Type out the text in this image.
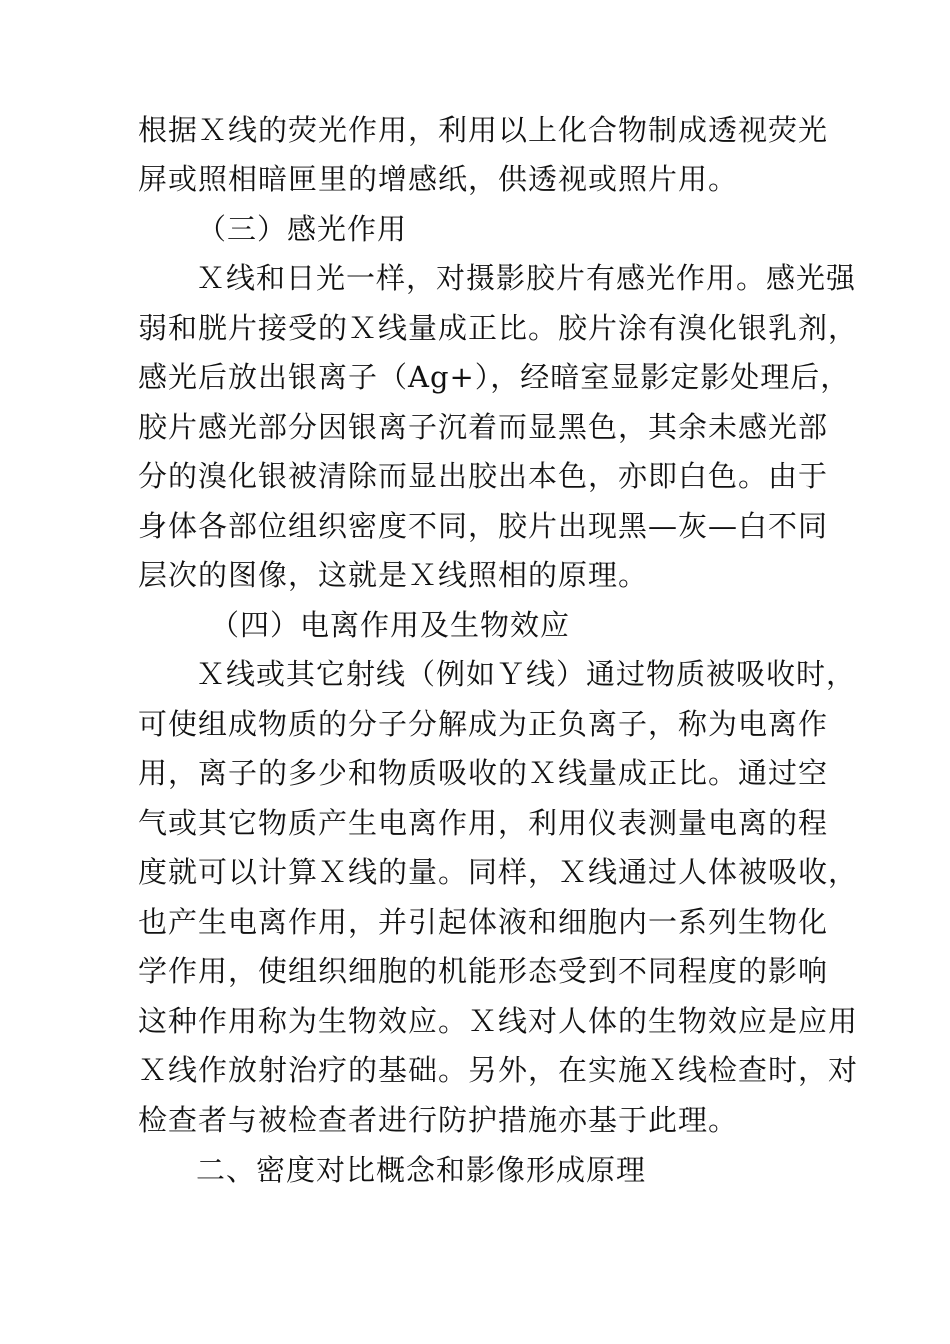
根据Ｘ线的荧光作用，利用以上化合物制成透视荧光
屏或照相暗匣里的增感纸，供透视或照片用。
（三）感光作用
Ｘ线和日光一样，对摄影胶片有感光作用。感光强
弱和胱片接受的Ｘ线量成正比。胶片涂有溴化银乳剂，
感光后放出银离子（Ag+），经暗室显影定影处理后，
胶片感光部分因银离子沉着而显黑色，其余未感光部
分的溴化银被清除而显出胶出本色，亦即白色。由于
身体各部位组织密度不同，胶片出现黑—灰—白不同
层次的图像，这就是Ｘ线照相的原理。
（四）电离作用及生物效应
Ｘ线或其它射线（例如Ｙ线）通过物质被吸收时，
可使组成物质的分子分解成为正负离子，称为电离作
用，离子的多少和物质吸收的Ｘ线量成正比。通过空
气或其它物质产生电离作用，利用仪表测量电离的程
度就可以计算Ｘ线的量。同样，Ｘ线通过人体被吸收，
也产生电离作用，并引起体液和细胞内一系列生物化
学作用，使组织细胞的机能形态受到不同程度的影响
这种作用称为生物效应。Ｘ线对人体的生物效应是应用
Ｘ线作放射治疗的基础。另外，在实施Ｘ线检查时，对
检查者与被检查者进行防护措施亦基于此理。
二、密度对比概念和影像形成原理
